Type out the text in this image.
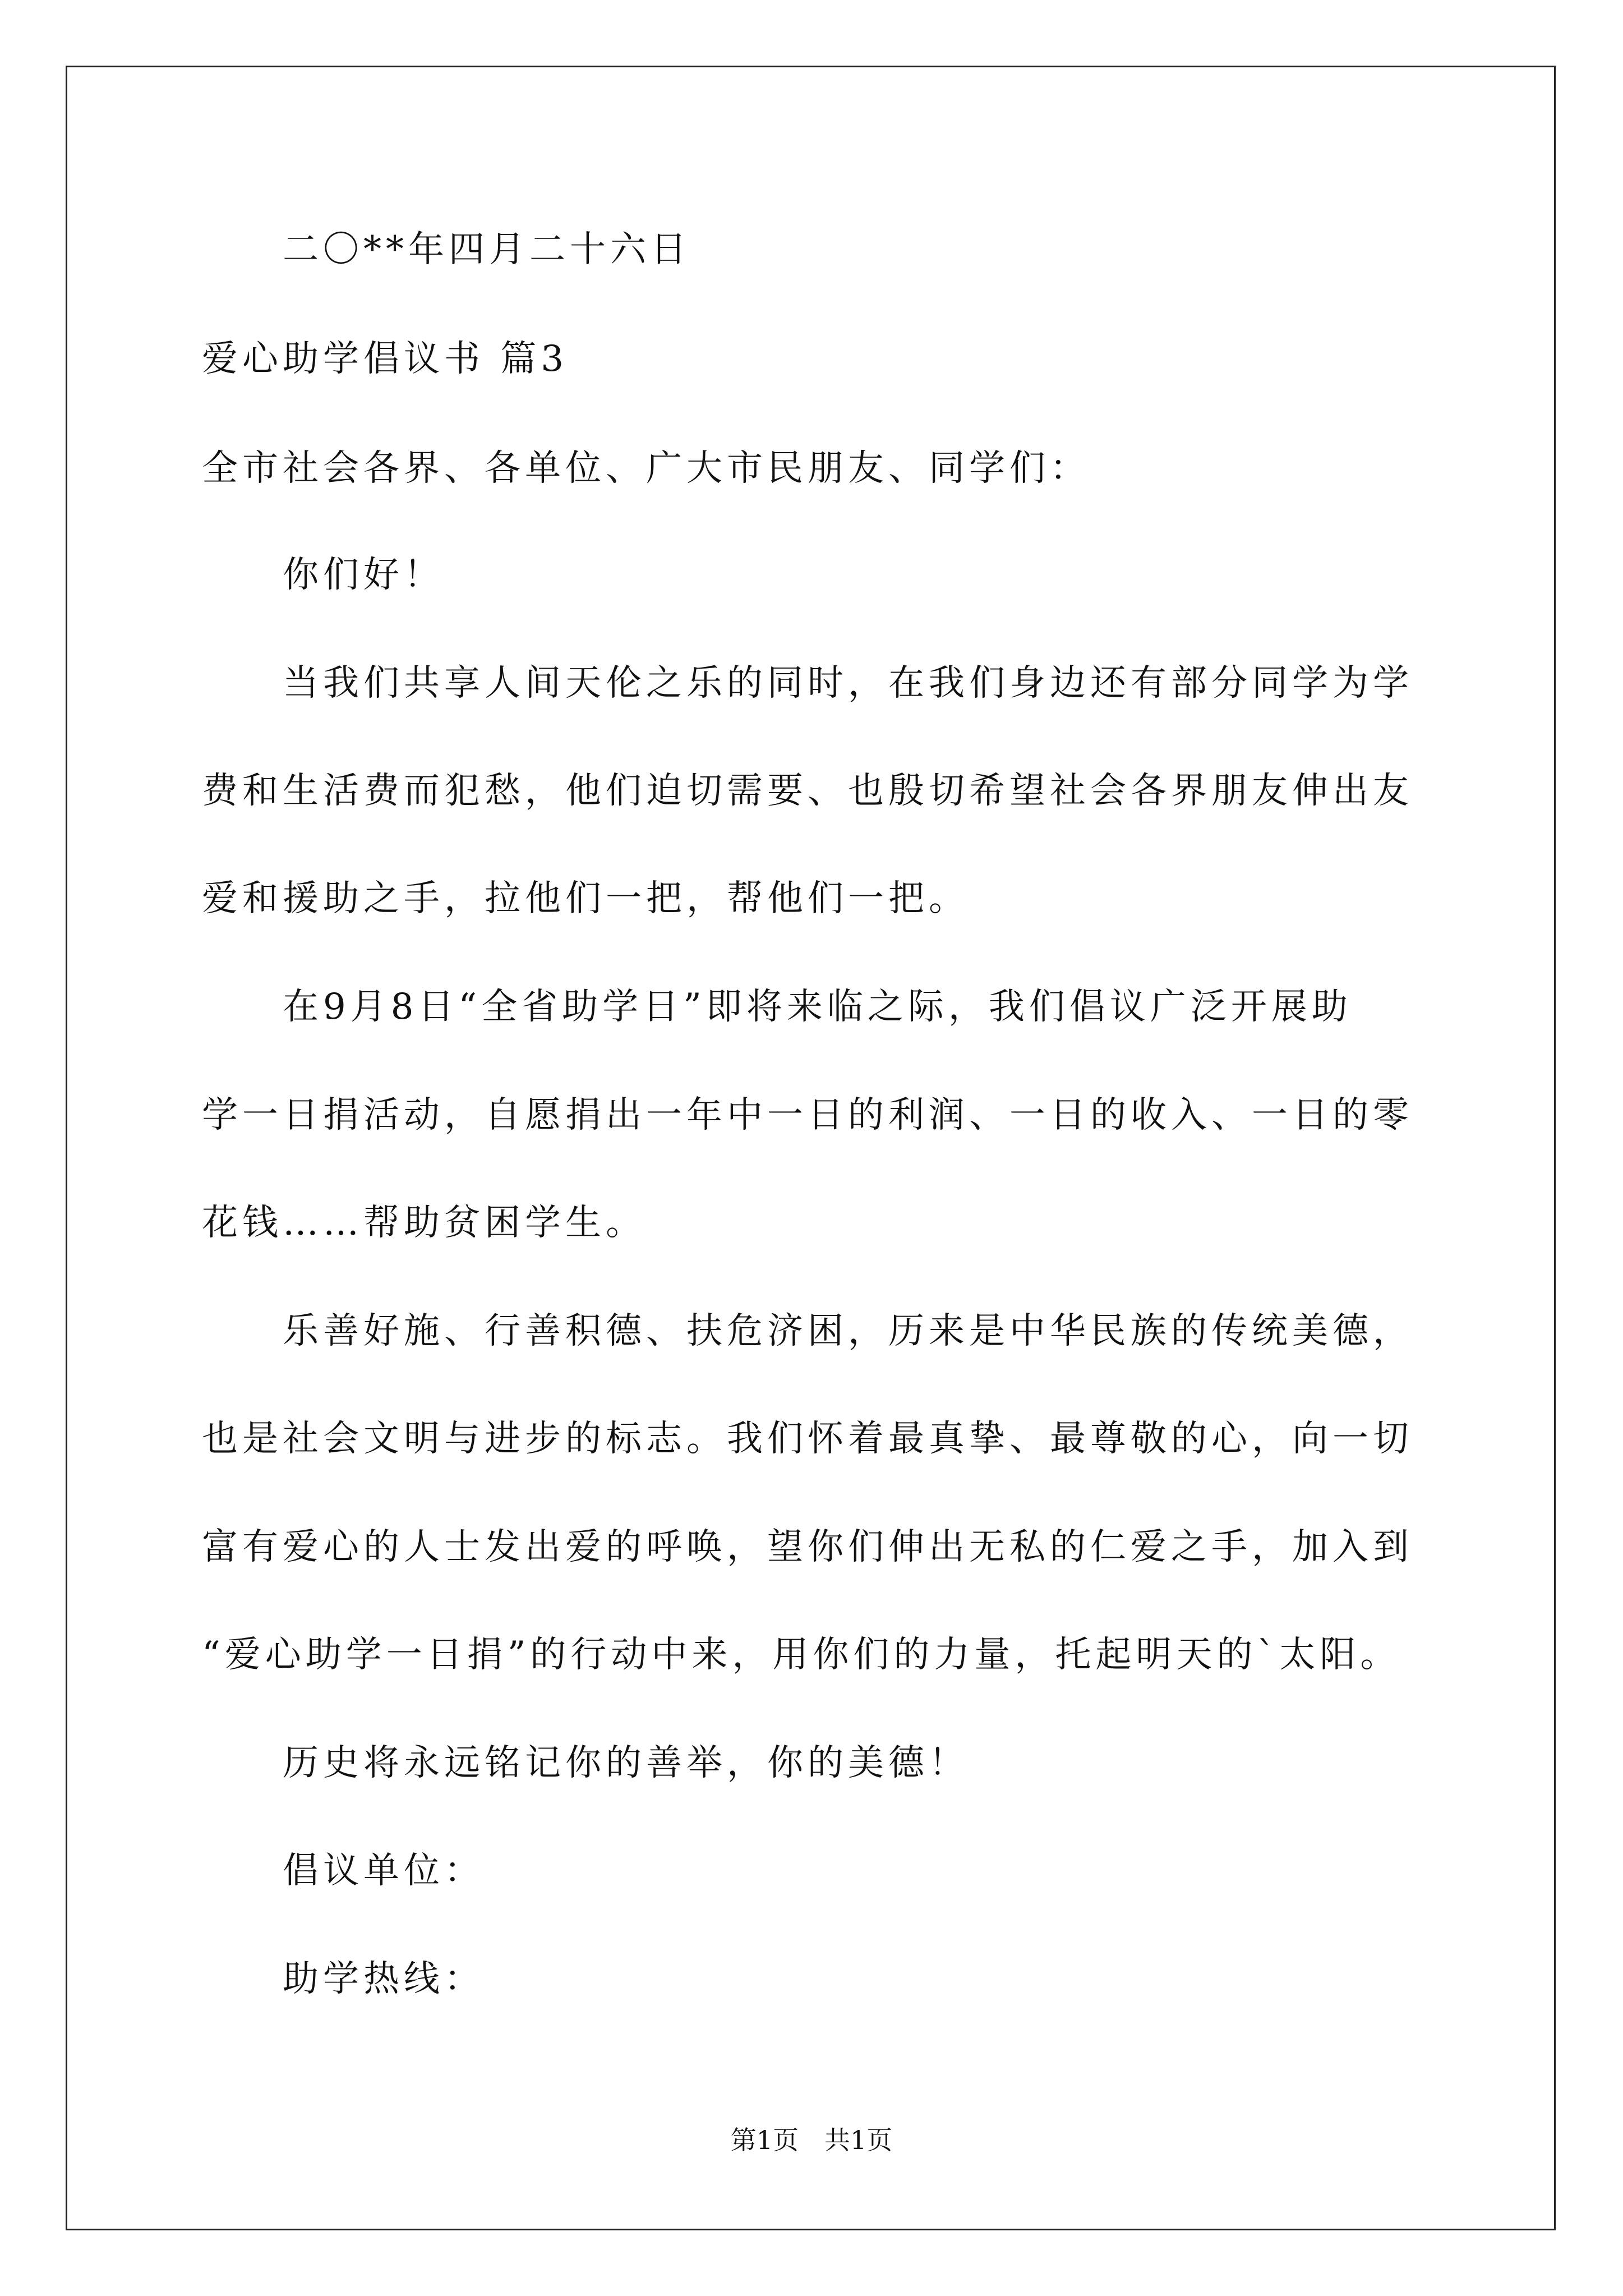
二〇**年四月二十六日
爱心助学倡议书 篇3
全市社会各界、各单位、广大市民朋友、同学们：
你们好！
当我们共享人间天伦之乐的同时，在我们身边还有部分同学为学
费和生活费而犯愁，他们迫切需要、也殷切希望社会各界朋友伸出友
爱和援助之手，拉他们一把，帮他们一把。
在9月8日“全省助学日”即将来临之际，我们倡议广泛开展助
学一日捐活动，自愿捐出一年中一日的利润、一日的收入、一日的零
花钱……帮助贫困学生。
乐善好施、行善积德、扶危济困，历来是中华民族的传统美德，
也是社会文明与进步的标志。我们怀着最真挚、最尊敬的心，向一切
富有爱心的人士发出爱的呼唤，望你们伸出无私的仁爱之手，加入到
“爱心助学一日捐”的行动中来，用你们的力量，托起明天的`太阳。
历史将永远铭记你的善举，你的美德！
倡议单位：
助学热线：
第1页　共1页
